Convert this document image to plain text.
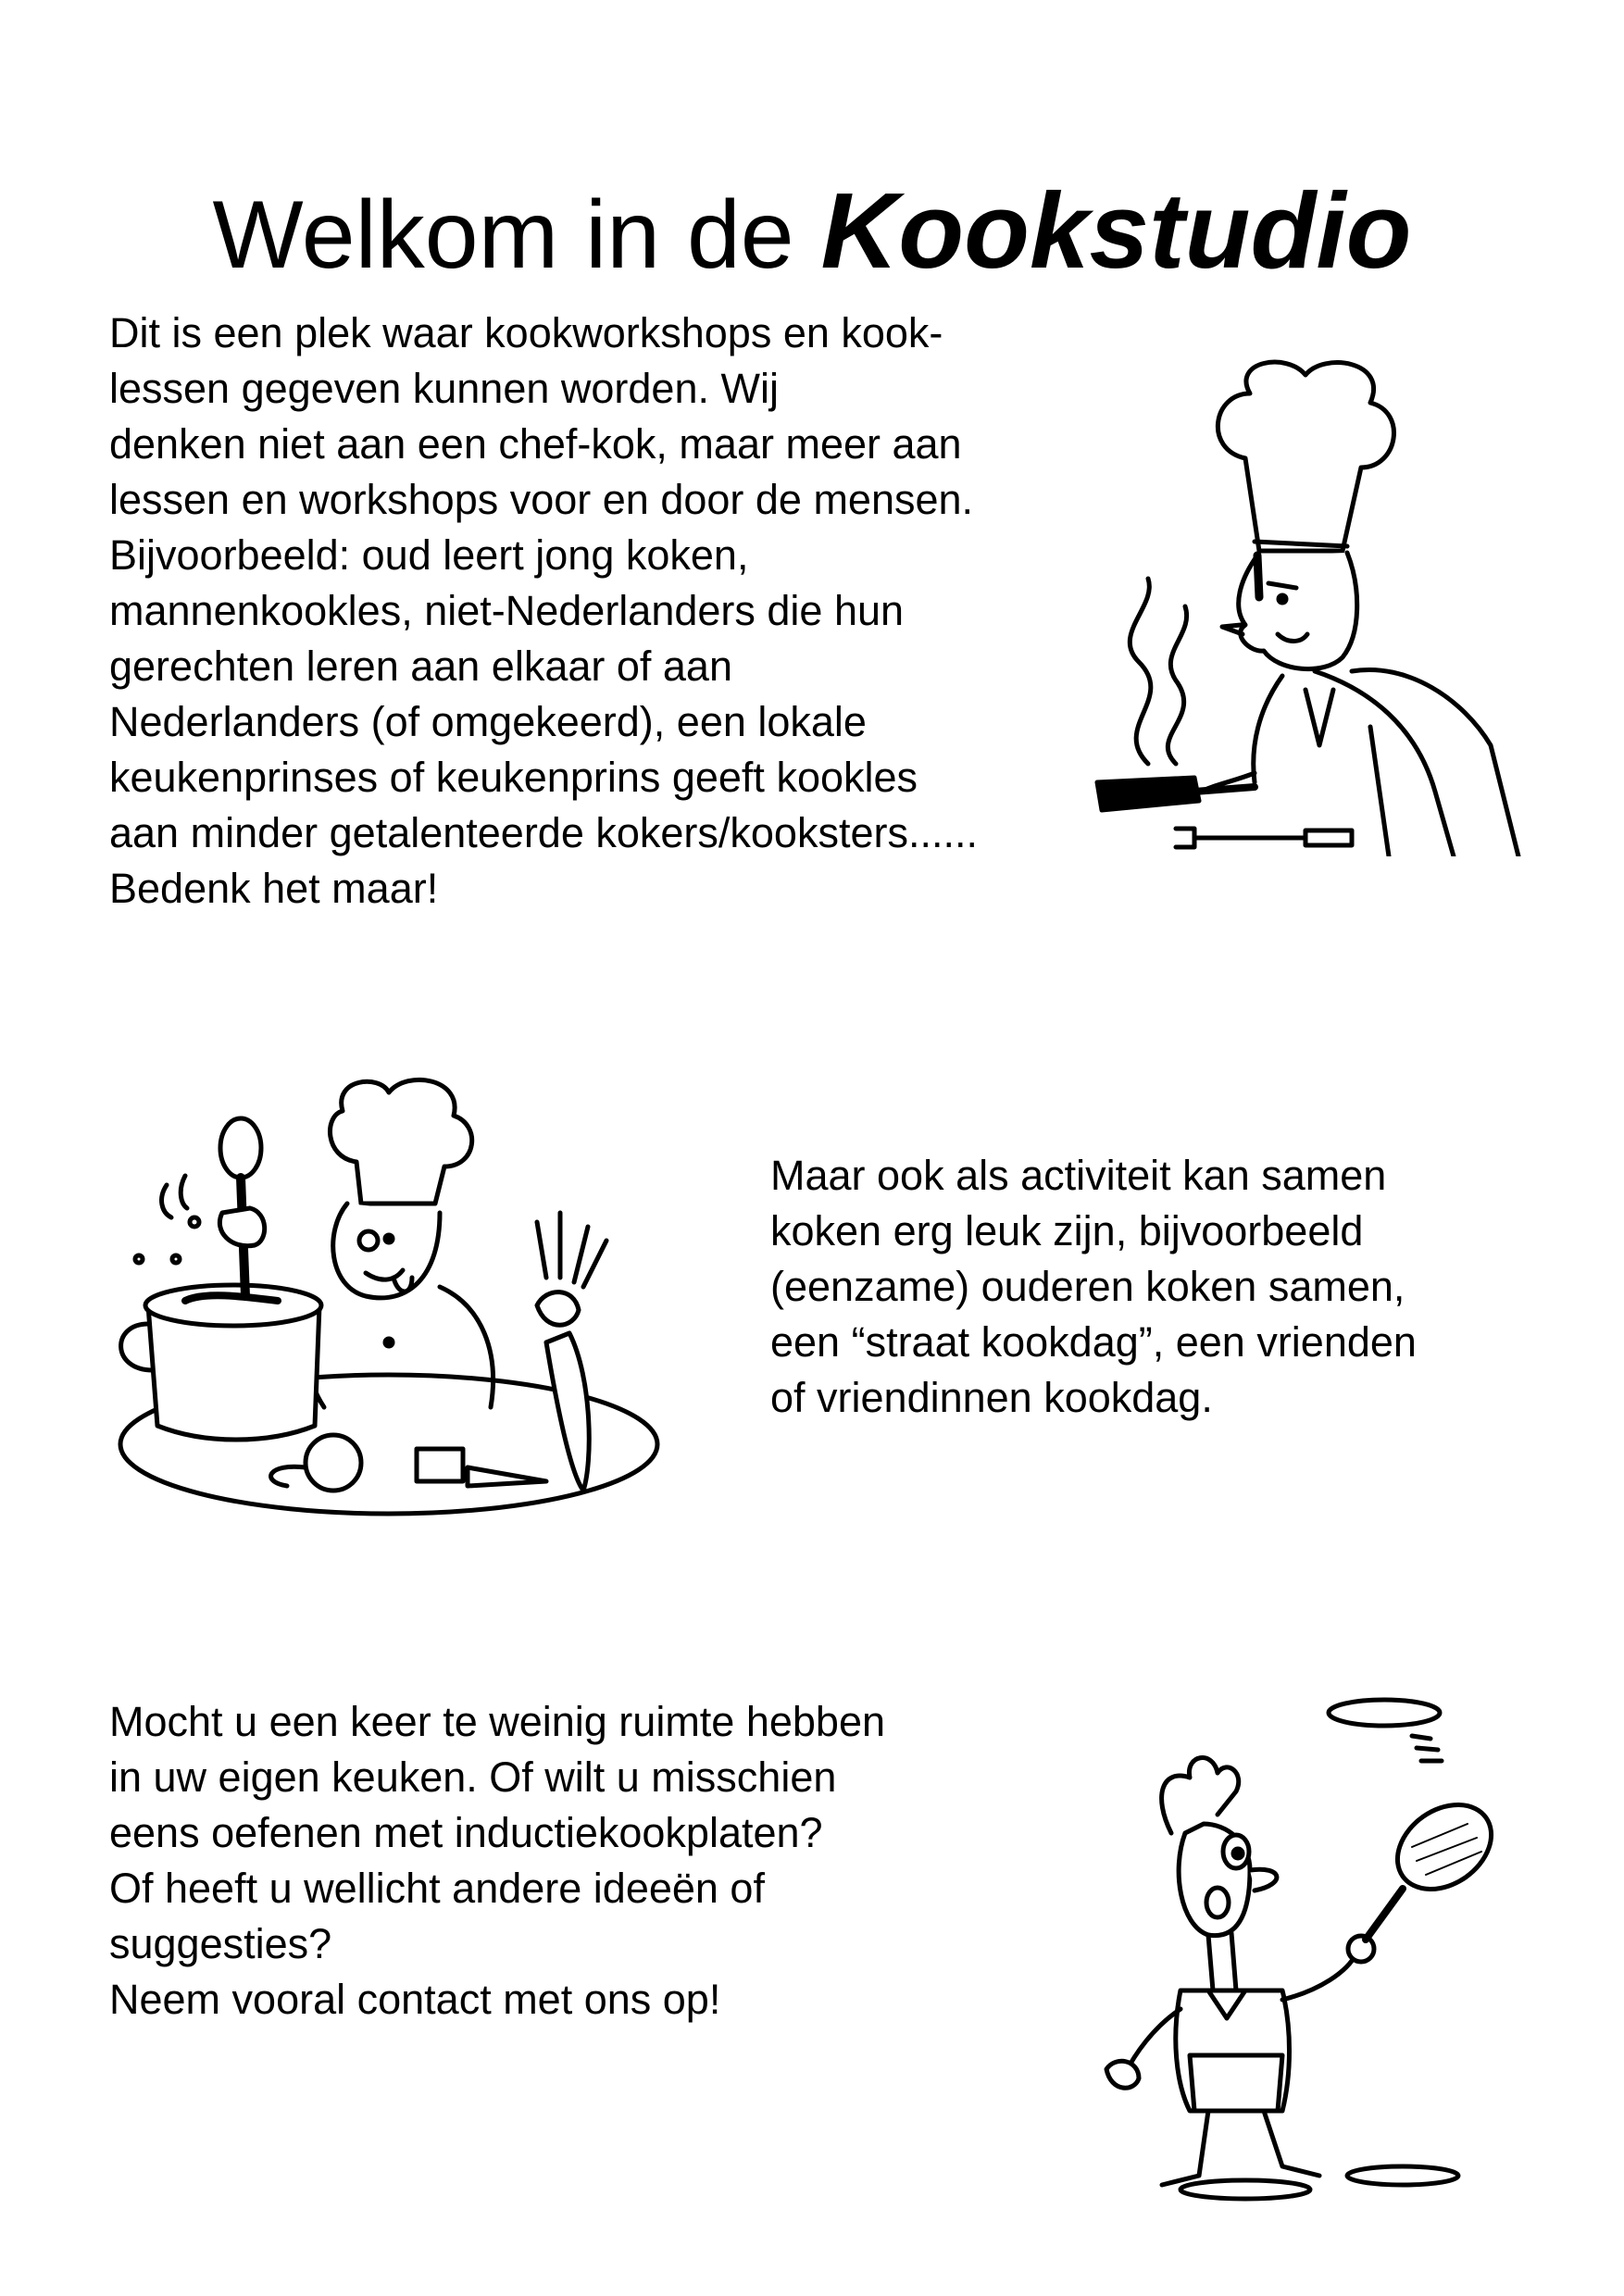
Welkom in de Kookstudio

Dit is een plek waar kookworkshops en kook-
lessen gegeven kunnen worden. Wij
denken niet aan een chef-kok, maar meer aan
lessen en workshops voor en door de mensen.
Bijvoorbeeld: oud leert jong koken,
mannenkookles, niet-Nederlanders die hun
gerechten leren aan elkaar of aan
Nederlanders (of omgekeerd), een lokale
keukenprinses of keukenprins geeft kookles
aan minder getalenteerde kokers/kooksters......
Bedenk het maar!

Maar ook als activiteit kan samen
koken erg leuk zijn, bijvoorbeeld
(eenzame) ouderen koken samen,
een “straat kookdag”, een vrienden
of vriendinnen kookdag.

Mocht u een keer te weinig ruimte hebben
in uw eigen keuken. Of wilt u misschien
eens oefenen met inductiekookplaten?
Of heeft u wellicht andere ideeën of
suggesties?
Neem vooral contact met ons op!
